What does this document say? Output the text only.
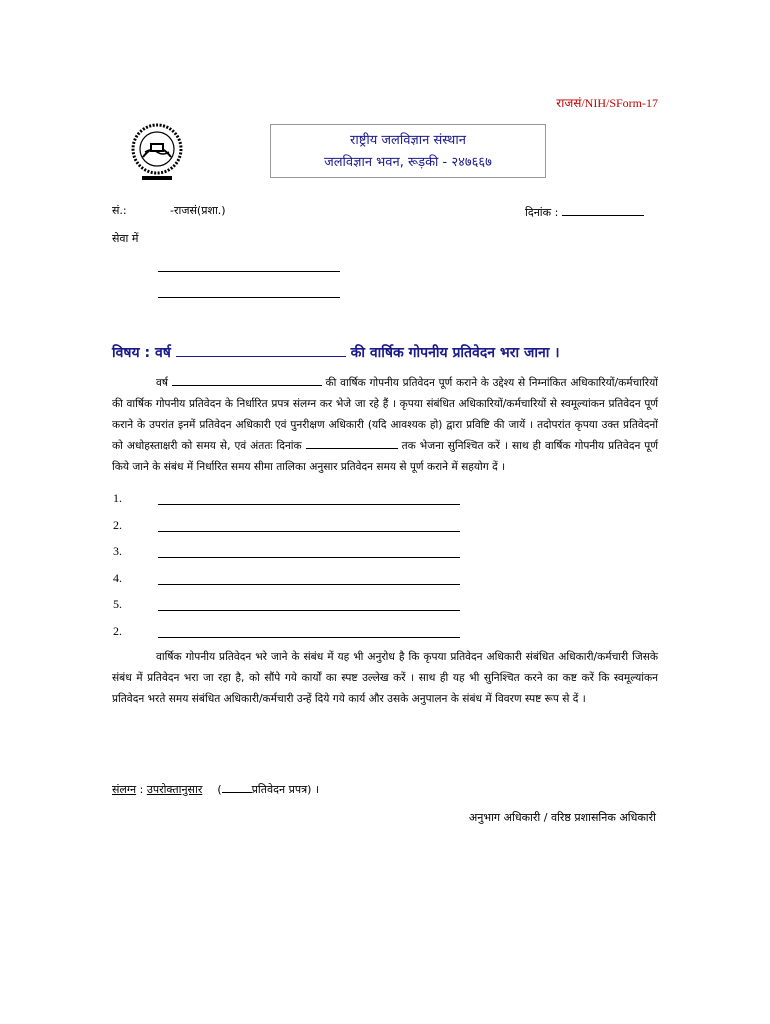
राजसं/NIH/SForm-17
राष्ट्रीय जलविज्ञान संस्थान
जलविज्ञान भवन, रूड़की - २४७६६७
सं.:	-राजसं(प्रशा.)	दिनांक :
सेवा में
विषय : वर्ष	की वार्षिक गोपनीय प्रतिवेदन भरा जाना ।
वर्ष	की वार्षिक गोपनीय प्रतिवेदन पूर्ण कराने के उद्देश्य से निम्नांकित अधिकारियों/कर्मचारियों की वार्षिक गोपनीय प्रतिवेदन के निर्धारित प्रपत्र संलग्न कर भेजे जा रहे हैं । कृपया संबंधित अधिकारियों/कर्मचारियों से स्वमूल्यांकन प्रतिवेदन पूर्ण कराने के उपरांत इनमें प्रतिवेदन अधिकारी एवं पुनरीक्षण अधिकारी (यदि आवश्यक हो) द्वारा प्रविष्टि की जायें । तदोपरांत कृपया उक्त प्रतिवेदनों को अधोहस्ताक्षरी को समय से, एवं अंततः दिनांक	तक भेजना सुनिश्चित करें । साथ ही वार्षिक गोपनीय प्रतिवेदन पूर्ण किये जाने के संबंध में निर्धारित समय सीमा तालिका अनुसार प्रतिवेदन समय से पूर्ण कराने में सहयोग दें ।
1.
2.
3.
4.
5.
2.
वार्षिक गोपनीय प्रतिवेदन भरे जाने के संबंध में यह भी अनुरोध है कि कृपया प्रतिवेदन अधिकारी संबंधित अधिकारी/कर्मचारी जिसके संबंध में प्रतिवेदन भरा जा रहा है, को सौंपे गये कार्यों का स्पष्ट उल्लेख करें । साथ ही यह भी सुनिश्चित करने का कष्ट करें कि स्वमूल्यांकन प्रतिवेदन भरते समय संबंधित अधिकारी/कर्मचारी उन्हें दिये गये कार्य और उसके अनुपालन के संबंध में विवरण स्पष्ट रूप से दें ।
संलग्न : उपरोक्तानुसार (	प्रतिवेदन प्रपत्र) ।
अनुभाग अधिकारी / वरिष्ठ प्रशासनिक अधिकारी
